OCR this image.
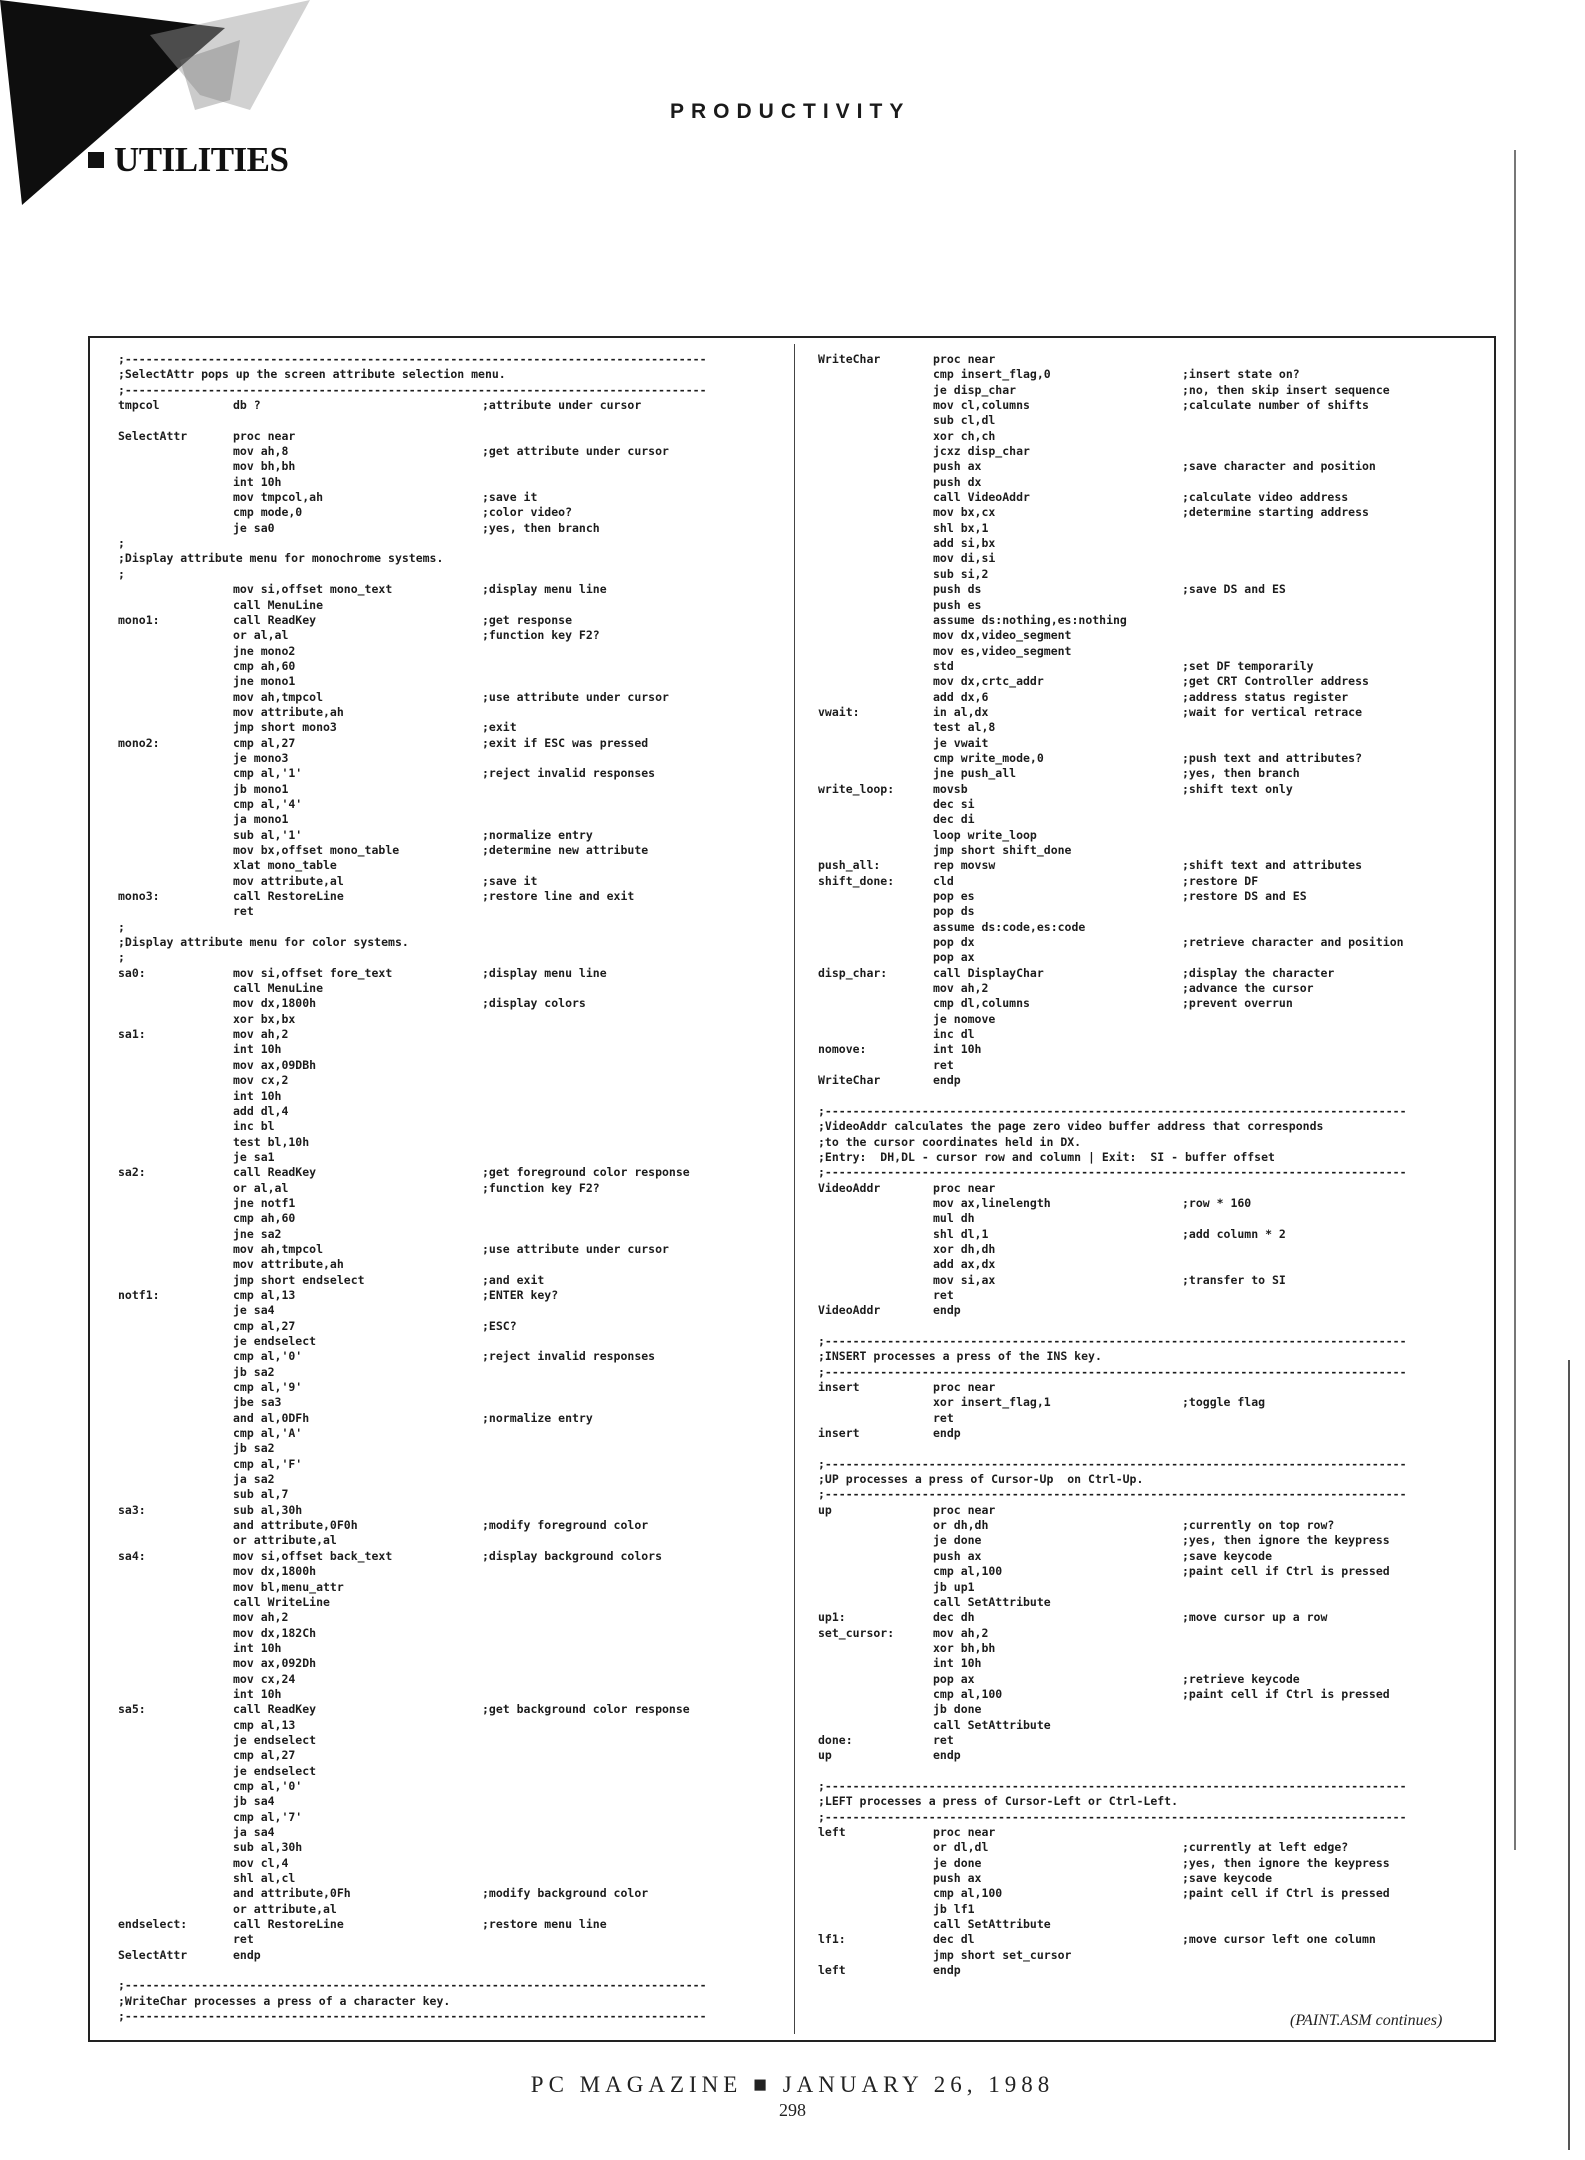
PRODUCTIVITY
UTILITIES
;------------------------------------------------------------------------------------
;SelectAttr pops up the screen attribute selection menu.
;------------------------------------------------------------------------------------
tmpcol	db ?	;attribute under cursor
SelectAttr	proc near
mov ah,8	;get attribute under cursor
mov bh,bh
int 10h
mov tmpcol,ah	;save it
cmp mode,0	;color video?
je sa0	;yes, then branch
;
;Display attribute menu for monochrome systems.
;
mov si,offset mono_text	;display menu line
call MenuLine
mono1:	call ReadKey	;get response
or al,al	;function key F2?
jne mono2
cmp ah,60
jne mono1
mov ah,tmpcol	;use attribute under cursor
mov attribute,ah
jmp short mono3	;exit
mono2:	cmp al,27	;exit if ESC was pressed
je mono3
cmp al,'1'	;reject invalid responses
jb mono1
cmp al,'4'
ja mono1
sub al,'1'	;normalize entry
mov bx,offset mono_table	;determine new attribute
xlat mono_table
mov attribute,al	;save it
mono3:	call RestoreLine	;restore line and exit
ret
;
;Display attribute menu for color systems.
;
sa0:	mov si,offset fore_text	;display menu line
call MenuLine
mov dx,1800h	;display colors
xor bx,bx
sa1:	mov ah,2
int 10h
mov ax,09DBh
mov cx,2
int 10h
add dl,4
inc bl
test bl,10h
je sa1
sa2:	call ReadKey	;get foreground color response
or al,al	;function key F2?
jne notf1
cmp ah,60
jne sa2
mov ah,tmpcol	;use attribute under cursor
mov attribute,ah
jmp short endselect	;and exit
notf1:	cmp al,13	;ENTER key?
je sa4
cmp al,27	;ESC?
je endselect
cmp al,'0'	;reject invalid responses
jb sa2
cmp al,'9'
jbe sa3
and al,0DFh	;normalize entry
cmp al,'A'
jb sa2
cmp al,'F'
ja sa2
sub al,7
sa3:	sub al,30h
and attribute,0F0h	;modify foreground color
or attribute,al
sa4:	mov si,offset back_text	;display background colors
mov dx,1800h
mov bl,menu_attr
call WriteLine
mov ah,2
mov dx,182Ch
int 10h
mov ax,092Dh
mov cx,24
int 10h
sa5:	call ReadKey	;get background color response
cmp al,13
je endselect
cmp al,27
je endselect
cmp al,'0'
jb sa4
cmp al,'7'
ja sa4
sub al,30h
mov cl,4
shl al,cl
and attribute,0Fh	;modify background color
or attribute,al
endselect:	call RestoreLine	;restore menu line
ret
SelectAttr	endp
;------------------------------------------------------------------------------------
;WriteChar processes a press of a character key.
;------------------------------------------------------------------------------------
WriteChar	proc near
cmp insert_flag,0	;insert state on?
je disp_char	;no, then skip insert sequence
mov cl,columns	;calculate number of shifts
sub cl,dl
xor ch,ch
jcxz disp_char
push ax	;save character and position
push dx
call VideoAddr	;calculate video address
mov bx,cx	;determine starting address
shl bx,1
add si,bx
mov di,si
sub si,2
push ds	;save DS and ES
push es
assume ds:nothing,es:nothing
mov dx,video_segment
mov es,video_segment
std	;set DF temporarily
mov dx,crtc_addr	;get CRT Controller address
add dx,6	;address status register
vwait:	in al,dx	;wait for vertical retrace
test al,8
je vwait
cmp write_mode,0	;push text and attributes?
jne push_all	;yes, then branch
write_loop:	movsb	;shift text only
dec si
dec di
loop write_loop
jmp short shift_done
push_all:	rep movsw	;shift text and attributes
shift_done:	cld	;restore DF
pop es	;restore DS and ES
pop ds
assume ds:code,es:code
pop dx	;retrieve character and position
pop ax
disp_char:	call DisplayChar	;display the character
mov ah,2	;advance the cursor
cmp dl,columns	;prevent overrun
je nomove
inc dl
nomove:	int 10h
ret
WriteChar	endp
;------------------------------------------------------------------------------------
;VideoAddr calculates the page zero video buffer address that corresponds
;to the cursor coordinates held in DX.
;Entry:  DH,DL - cursor row and column | Exit:  SI - buffer offset
;------------------------------------------------------------------------------------
VideoAddr	proc near
mov ax,linelength	;row * 160
mul dh
shl dl,1	;add column * 2
xor dh,dh
add ax,dx
mov si,ax	;transfer to SI
ret
VideoAddr	endp
;------------------------------------------------------------------------------------
;INSERT processes a press of the INS key.
;------------------------------------------------------------------------------------
insert	proc near
xor insert_flag,1	;toggle flag
ret
insert	endp
;------------------------------------------------------------------------------------
;UP processes a press of Cursor-Up  on Ctrl-Up.
;------------------------------------------------------------------------------------
up	proc near
or dh,dh	;currently on top row?
je done	;yes, then ignore the keypress
push ax	;save keycode
cmp al,100	;paint cell if Ctrl is pressed
jb up1
call SetAttribute
up1:	dec dh	;move cursor up a row
set_cursor:	mov ah,2
xor bh,bh
int 10h
pop ax	;retrieve keycode
cmp al,100	;paint cell if Ctrl is pressed
jb done
call SetAttribute
done:	ret
up	endp
;------------------------------------------------------------------------------------
;LEFT processes a press of Cursor-Left or Ctrl-Left.
;------------------------------------------------------------------------------------
left	proc near
or dl,dl	;currently at left edge?
je done	;yes, then ignore the keypress
push ax	;save keycode
cmp al,100	;paint cell if Ctrl is pressed
jb lf1
call SetAttribute
lf1:	dec dl	;move cursor left one column
jmp short set_cursor
left	endp
(PAINT.ASM continues)
PC MAGAZINE ■ JANUARY 26, 1988
298
